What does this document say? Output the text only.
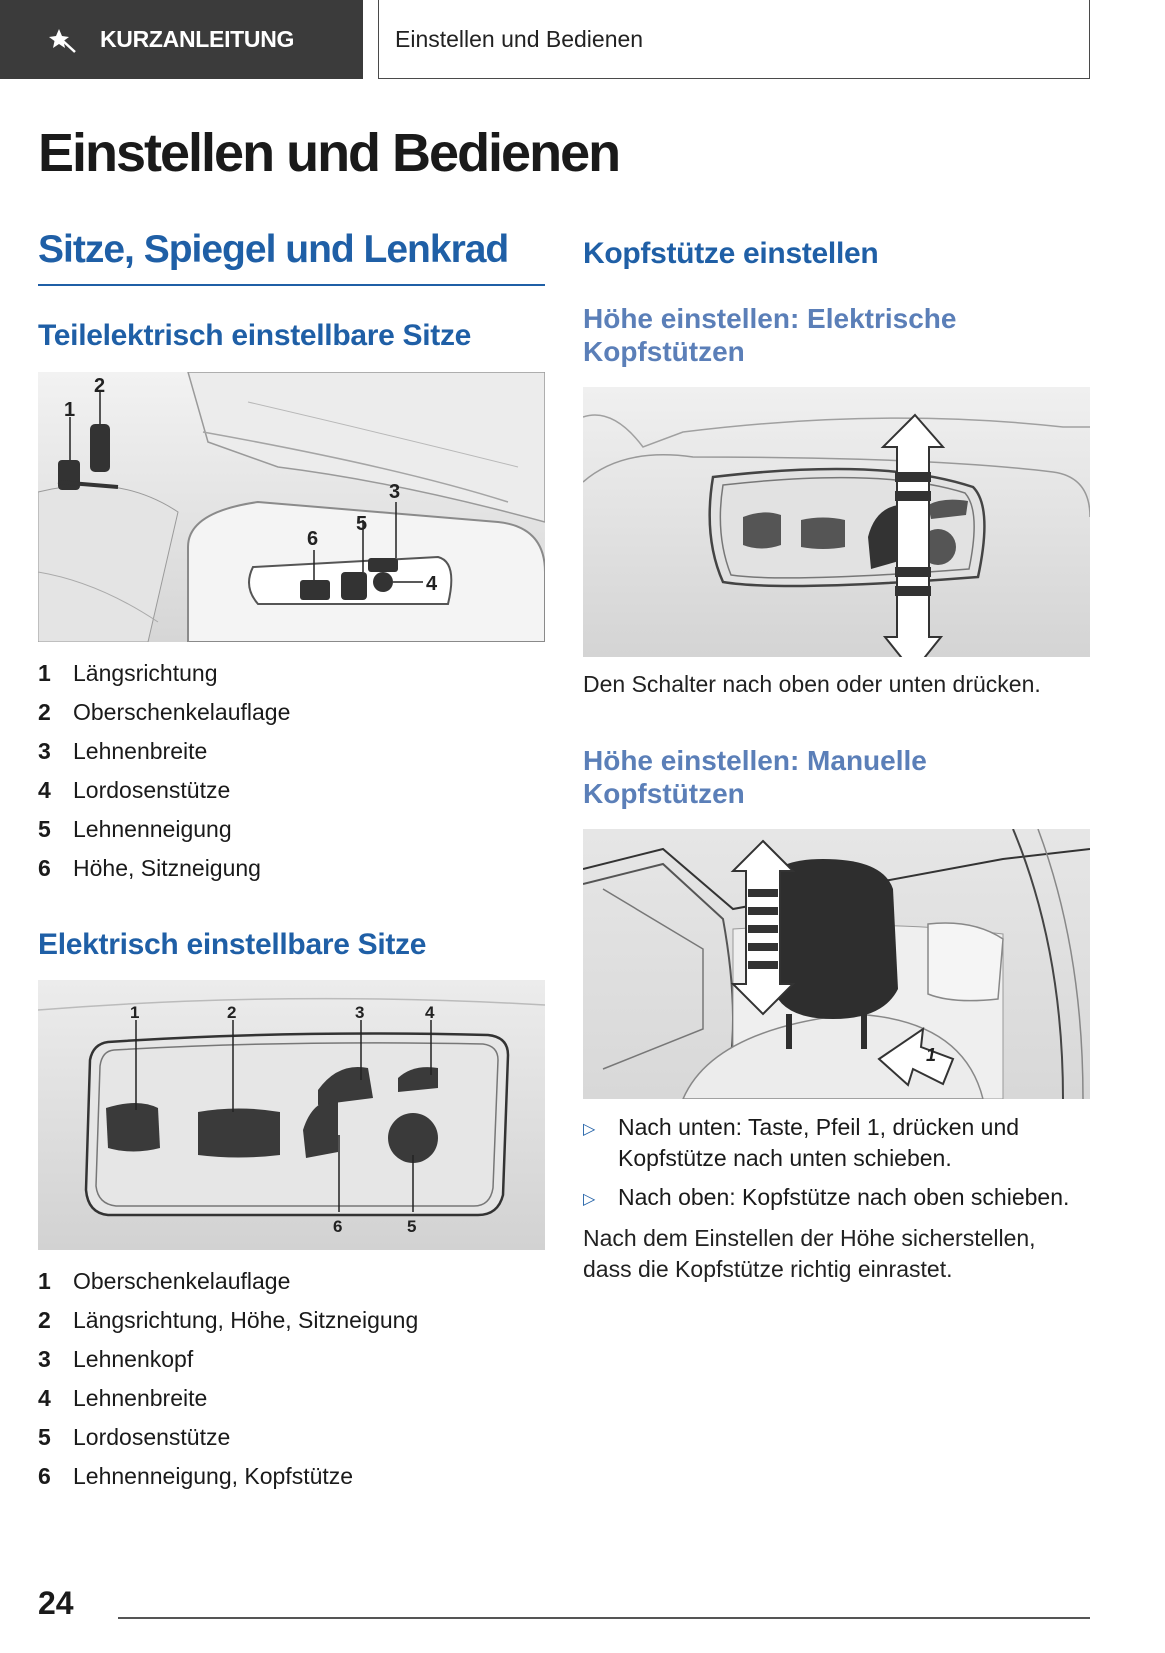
KURZANLEITUNG	Einstellen und Bedienen
Einstellen und Bedienen
Sitze, Spiegel und Lenkrad
Teilelektrisch einstellbare Sitze
1
2
3
4
5
6
1 Längsrichtung
2 Oberschenkelauflage
3 Lehnenbreite
4 Lordosenstütze
5 Lehnenneigung
6 Höhe, Sitzneigung
Elektrisch einstellbare Sitze
1	2	3	4
5
6
1 Oberschenkelauflage
2 Längsrichtung, Höhe, Sitzneigung
3 Lehnenkopf
4 Lehnenbreite
5 Lordosenstütze
6 Lehnenneigung, Kopfstütze
Kopfstütze einstellen
Höhe einstellen: Elektrische
Kopfstützen
Den Schalter nach oben oder unten drücken.
Höhe einstellen: Manuelle
Kopfstützen
1
▷ Nach unten: Taste, Pfeil 1, drücken und
Kopfstütze nach unten schieben.
▷ Nach oben: Kopfstütze nach oben schieben.
Nach dem Einstellen der Höhe sicherstellen,
dass die Kopfstütze richtig einrastet.
24
